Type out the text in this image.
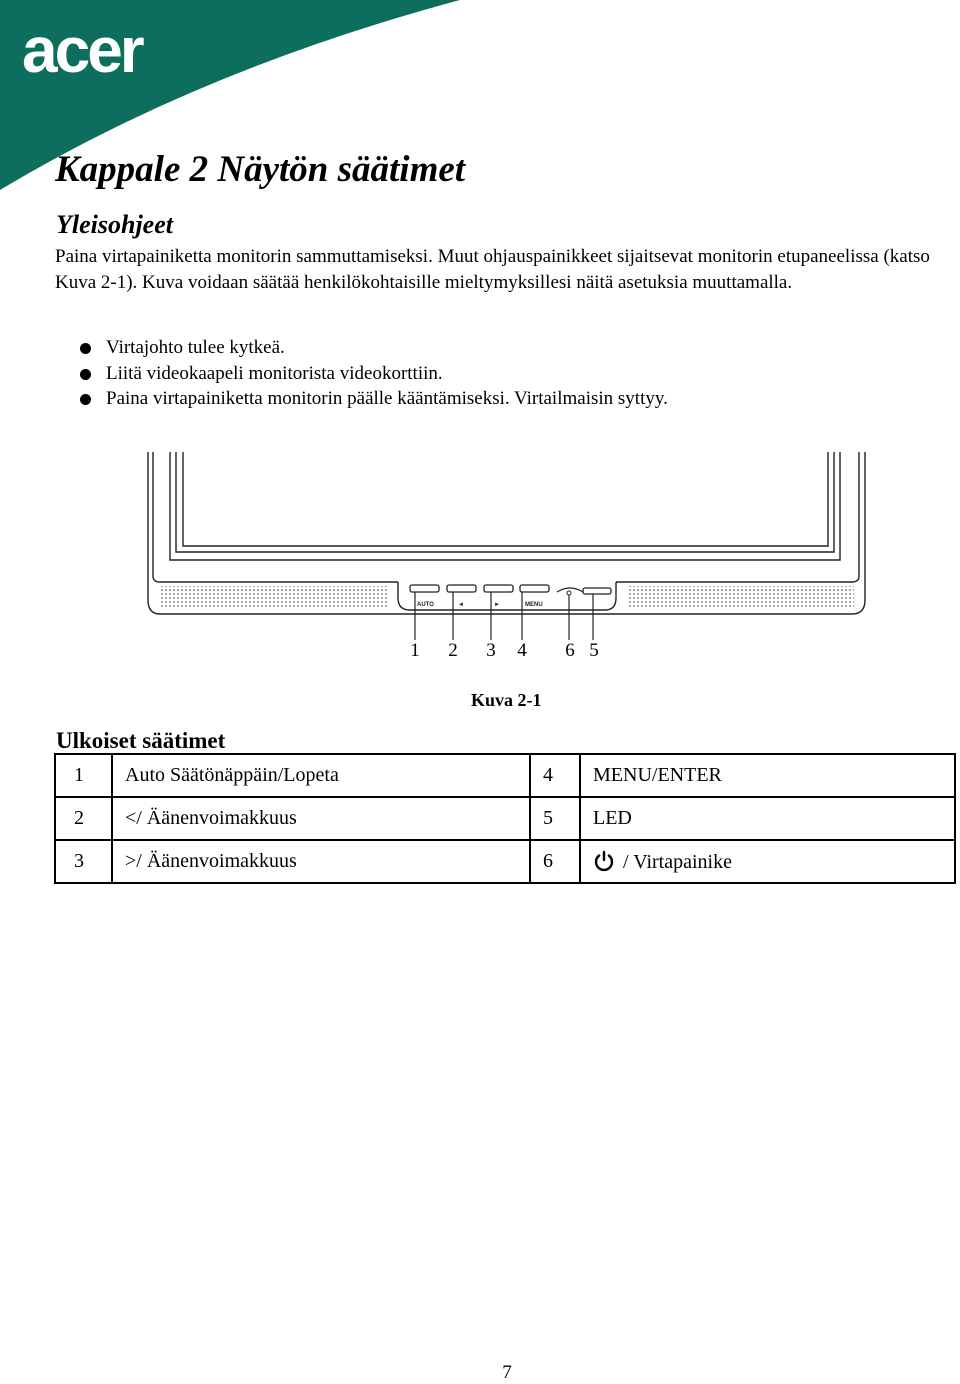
acer
Kappale 2 Näytön säätimet
Yleisohjeet

Paina virtapainiketta monitorin sammuttamiseksi. Muut ohjauspainikkeet sijaitsevat monitorin etupaneelissa (katso Kuva 2-1). Kuva voidaan säätää henkilökohtaisille mieltymyksillesi näitä asetuksia muuttamalla.

Virtajohto tulee kytkeä.
Liitä videokaapeli monitorista videokorttiin.
Paina virtapainiketta monitorin päälle kääntämiseksi. Virtailmaisin syttyy.
AUTO	◄	►	MENU
1 2 3 4 6 5
Kuva 2-1
Ulkoiset säätimet
1	Auto Säätönäppäin/Lopeta	4	MENU/ENTER
2	</ Äänenvoimakkuus	5	LED
3	>/ Äänenvoimakkuus	6	/ Virtapainike
7
